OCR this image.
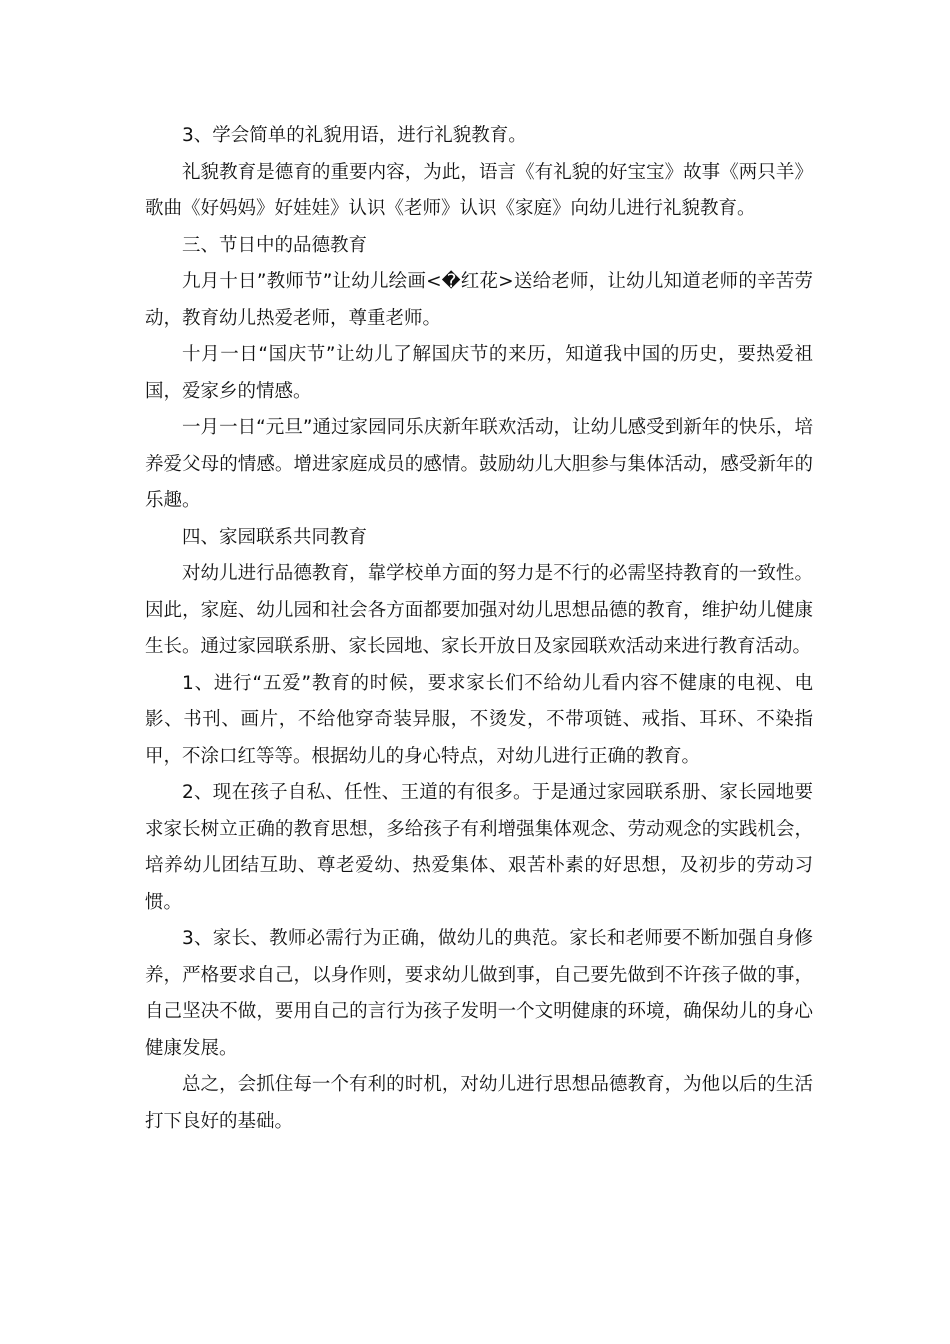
3、学会简单的礼貌用语，进行礼貌教育。

礼貌教育是德育的重要内容，为此，语言《有礼貌的好宝宝》故事《两只羊》歌曲《好妈妈》好娃娃》认识《老师》认识《家庭》向幼儿进行礼貌教育。

三、节日中的品德教育

九月十日”教师节”让幼儿绘画<�红花>送给老师，让幼儿知道老师的辛苦劳动，教育幼儿热爱老师，尊重老师。

十月一日“国庆节”让幼儿了解国庆节的来历，知道我中国的历史，要热爱祖国，爱家乡的情感。

一月一日“元旦”通过家园同乐庆新年联欢活动，让幼儿感受到新年的快乐，培养爱父母的情感。增进家庭成员的感情。鼓励幼儿大胆参与集体活动，感受新年的乐趣。

四、家园联系共同教育

对幼儿进行品德教育，靠学校单方面的努力是不行的必需坚持教育的一致性。因此，家庭、幼儿园和社会各方面都要加强对幼儿思想品德的教育，维护幼儿健康生长。通过家园联系册、家长园地、家长开放日及家园联欢活动来进行教育活动。

1、进行“五爱”教育的时候，要求家长们不给幼儿看内容不健康的电视、电影、书刊、画片，不给他穿奇装异服，不烫发，不带项链、戒指、耳环、不染指甲，不涂口红等等。根据幼儿的身心特点，对幼儿进行正确的教育。

2、现在孩子自私、任性、王道的有很多。于是通过家园联系册、家长园地要求家长树立正确的教育思想，多给孩子有利增强集体观念、劳动观念的实践机会，培养幼儿团结互助、尊老爱幼、热爱集体、艰苦朴素的好思想，及初步的劳动习惯。

3、家长、教师必需行为正确，做幼儿的典范。家长和老师要不断加强自身修养，严格要求自己，以身作则，要求幼儿做到事，自己要先做到不许孩子做的事，自己坚决不做，要用自己的言行为孩子发明一个文明健康的环境，确保幼儿的身心健康发展。

总之，会抓住每一个有利的时机，对幼儿进行思想品德教育，为他以后的生活打下良好的基础。
